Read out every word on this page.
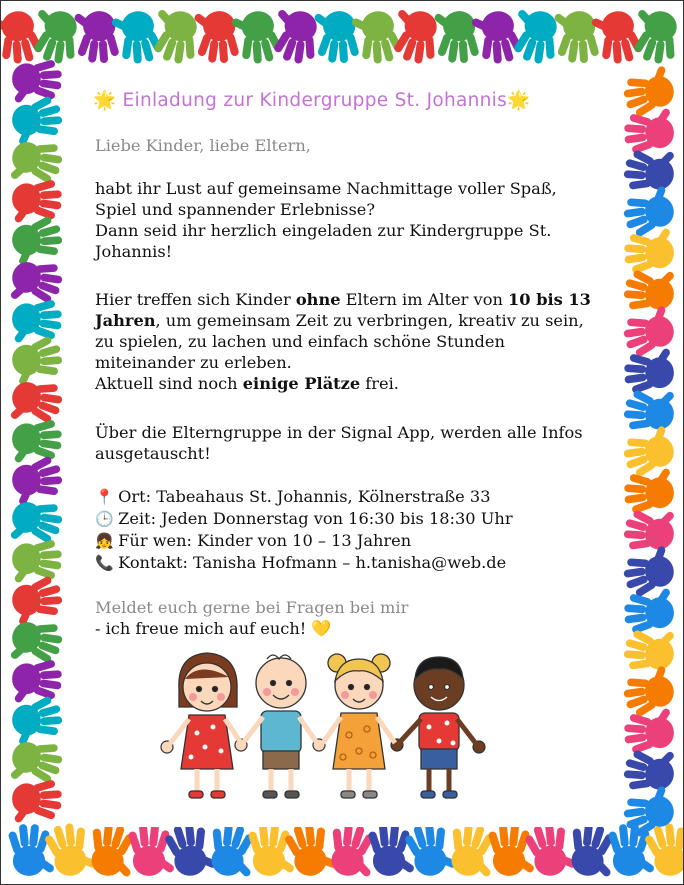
🌟 Einladung zur Kindergruppe St. Johannis🌟
Liebe Kinder, liebe Eltern,
habt ihr Lust auf gemeinsame Nachmittage voller Spaß,
Spiel und spannender Erlebnisse?
Dann seid ihr herzlich eingeladen zur Kindergruppe St.
Johannis!
Hier treffen sich Kinder ohne Eltern im Alter von 10 bis 13
Jahren, um gemeinsam Zeit zu verbringen, kreativ zu sein,
zu spielen, zu lachen und einfach schöne Stunden
miteinander zu erleben.
Aktuell sind noch einige Plätze frei.
Über die Elterngruppe in der Signal App, werden alle Infos
ausgetauscht!
📍 Ort: Tabeahaus St. Johannis, Kölnerstraße 33
🕒 Zeit: Jeden Donnerstag von 16:30 bis 18:30 Uhr
👧 Für wen: Kinder von 10 – 13 Jahren
📞 Kontakt: Tanisha Hofmann – h.tanisha@web.de
Meldet euch gerne bei Fragen bei mir
- ich freue mich auf euch! 💛
